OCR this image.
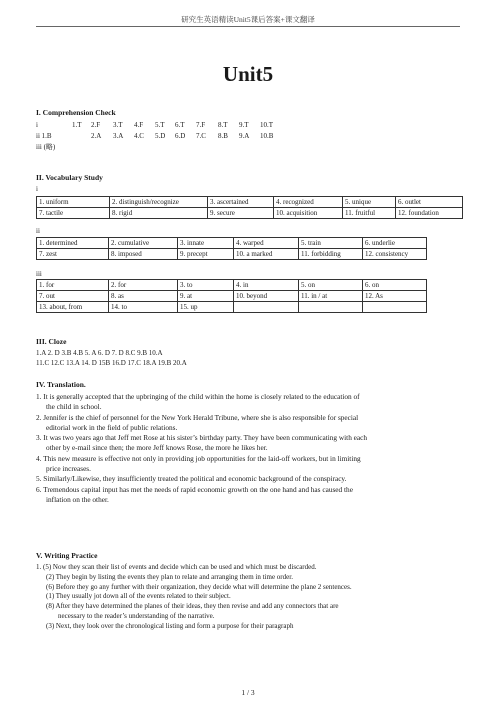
研究生英语精读Unit5课后答案+课文翻译
Unit5
I. Comprehension Check
i	1.T 2.F 3.T 4.F 5.T 6.T 7.F 8.T 9.T 10.T
ii 1.B	2.A 3.A 4.C 5.D 6.D 7.C 8.B 9.A 10.B
iii (略)
II. Vocabulary Study
i
1. uniform	2. distinguish/recognize	3. ascertained	4. recognized	5. unique	6. outlet
7. tactile	8. rigid	9. secure	10. acquisition	11. fruitful	12. foundation
ii
1. determined	2. cumulative	3. innate	4. warped	5. train	6. underlie
7. zest	8. imposed	9. precept	10. a marked	11. forbidding	12. consistency
iii
1. for	2. for	3. to	4. in	5. on	6. on
7. out	8. as	9. at	10. beyond	11. in / at	12. As
13. about, from	14. to	15. up			
III. Cloze
1.A 2. D 3.B 4.B 5. A 6. D 7. D 8.C 9.B 10.A
11.C 12.C 13.A 14. D 15B 16.D 17.C 18.A 19.B 20.A
IV. Translation.
1. It is generally accepted that the upbringing of the child within the home is closely related to the education of
the child in school.
2. Jennifer is the chief of personnel for the New York Herald Tribune, where she is also responsible for special
editorial work in the field of public relations.
3. It was two years ago that Jeff met Rose at his sister’s birthday party. They have been communicating with each
other by e-mail since then; the more Jeff knows Rose, the more he likes her.
4. This new measure is effective not only in providing job opportunities for the laid-off workers, but in limiting
price increases.
5. Similarly/Likewise, they insufficiently treated the political and economic background of the conspiracy.
6. Tremendous capital input has met the needs of rapid economic growth on the one hand and has caused the
inflation on the other.
V. Writing Practice
1. (5) Now they scan their list of events and decide which can be used and which must be discarded.
(2) They begin by listing the events they plan to relate and arranging them in time order.
(6) Before they go any further with their organization, they decide what will determine the plane 2 sentences.
(1) They usually jot down all of the events related to their subject.
(8) After they have determined the planes of their ideas, they then revise and add any connectors that are
necessary to the reader’s understanding of the narrative.
(3) Next, they look over the chronological listing and form a purpose for their paragraph
1 / 3
